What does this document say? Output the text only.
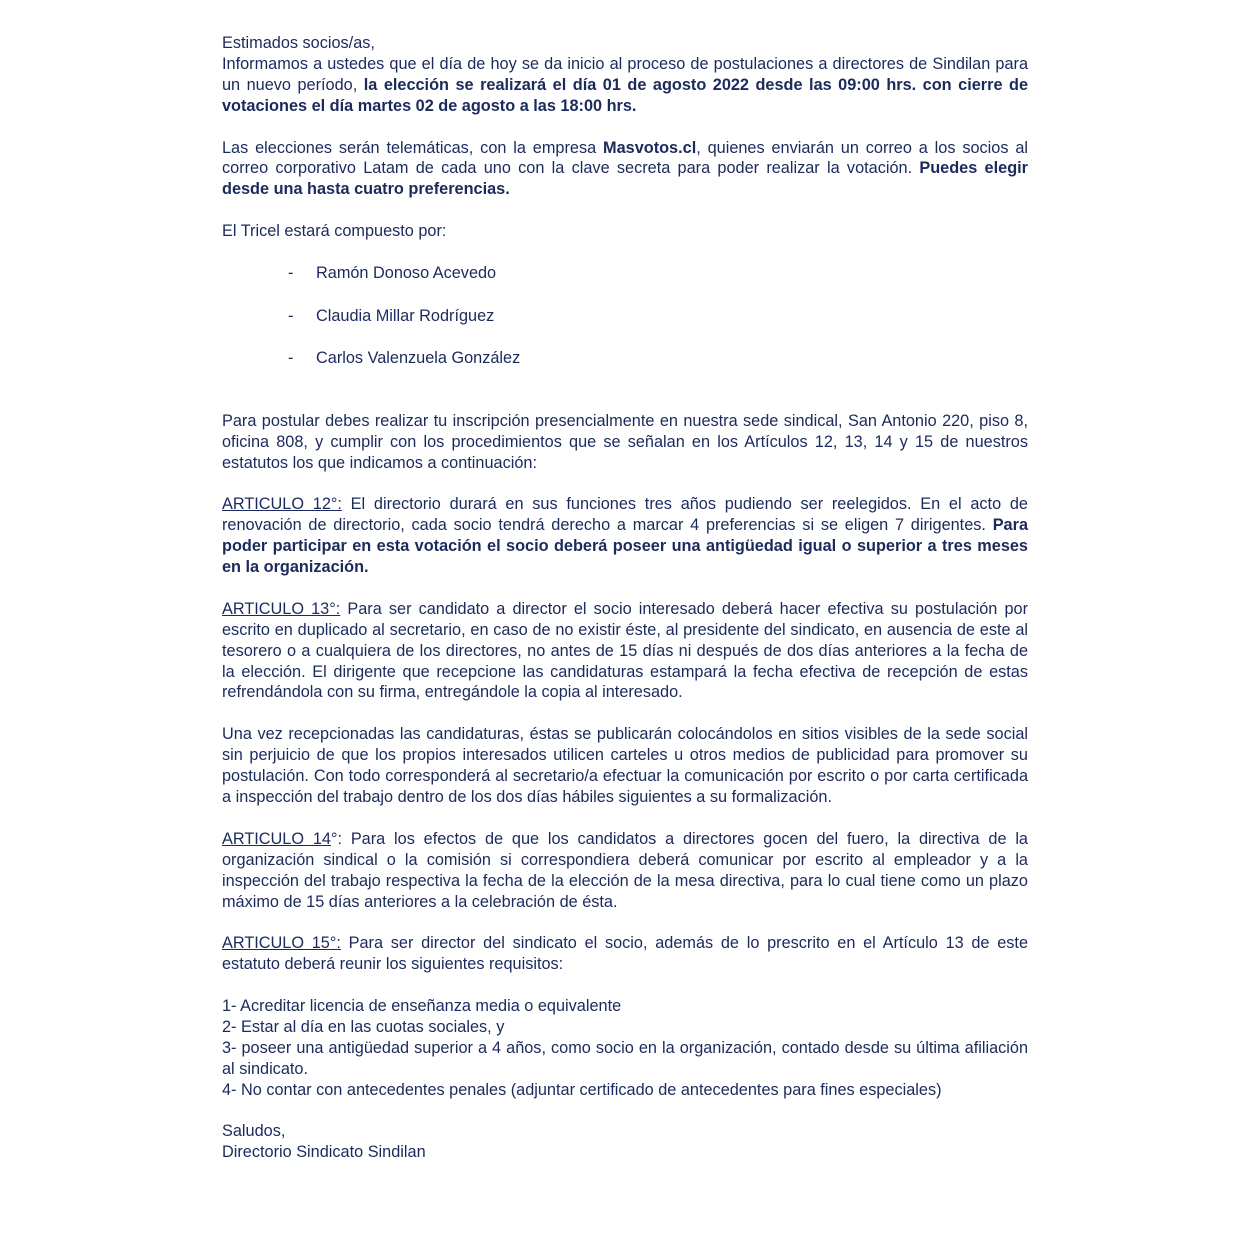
Estimados socios/as,

Informamos a ustedes que el día de hoy se da inicio al proceso de postulaciones a directores de Sindilan para un nuevo período, la elección se realizará el día 01 de agosto 2022 desde las 09:00 hrs. con cierre de votaciones el día martes 02 de agosto a las 18:00 hrs.

Las elecciones serán telemáticas, con la empresa Masvotos.cl, quienes enviarán un correo a los socios al correo corporativo Latam de cada uno con la clave secreta para poder realizar la votación. Puedes elegir desde una hasta cuatro preferencias.

El Tricel estará compuesto por:

-	Ramón Donoso Acevedo
-	Claudia Millar Rodríguez
-	Carlos Valenzuela González

Para postular debes realizar tu inscripción presencialmente en nuestra sede sindical, San Antonio 220, piso 8, oficina 808, y cumplir con los procedimientos que se señalan en los Artículos 12, 13, 14 y 15 de nuestros estatutos los que indicamos a continuación:

ARTICULO 12°: El directorio durará en sus funciones tres años pudiendo ser reelegidos. En el acto de renovación de directorio, cada socio tendrá derecho a marcar 4 preferencias si se eligen 7 dirigentes. Para poder participar en esta votación el socio deberá poseer una antigüedad igual o superior a tres meses en la organización.

ARTICULO 13°: Para ser candidato a director el socio interesado deberá hacer efectiva su postulación por escrito en duplicado al secretario, en caso de no existir éste, al presidente del sindicato, en ausencia de este al tesorero o a cualquiera de los directores, no antes de 15 días ni después de dos días anteriores a la fecha de la elección. El dirigente que recepcione las candidaturas estampará la fecha efectiva de recepción de estas refrendándola con su firma, entregándole la copia al interesado.

Una vez recepcionadas las candidaturas, éstas se publicarán colocándolos en sitios visibles de la sede social sin perjuicio de que los propios interesados utilicen carteles u otros medios de publicidad para promover su postulación. Con todo corresponderá al secretario/a efectuar la comunicación por escrito o por carta certificada a inspección del trabajo dentro de los dos días hábiles siguientes a su formalización.

ARTICULO 14°: Para los efectos de que los candidatos a directores gocen del fuero, la directiva de la organización sindical o la comisión si correspondiera deberá comunicar por escrito al empleador y a la inspección del trabajo respectiva la fecha de la elección de la mesa directiva, para lo cual tiene como un plazo máximo de 15 días anteriores a la celebración de ésta.

ARTICULO 15°: Para ser director del sindicato el socio, además de lo prescrito en el Artículo 13 de este estatuto deberá reunir los siguientes requisitos:

1- Acreditar licencia de enseñanza media o equivalente

2- Estar al día en las cuotas sociales, y

3- poseer una antigüedad superior a 4 años, como socio en la organización, contado desde su última afiliación al sindicato.

4- No contar con antecedentes penales (adjuntar certificado de antecedentes para fines especiales)

Saludos,

Directorio Sindicato Sindilan
